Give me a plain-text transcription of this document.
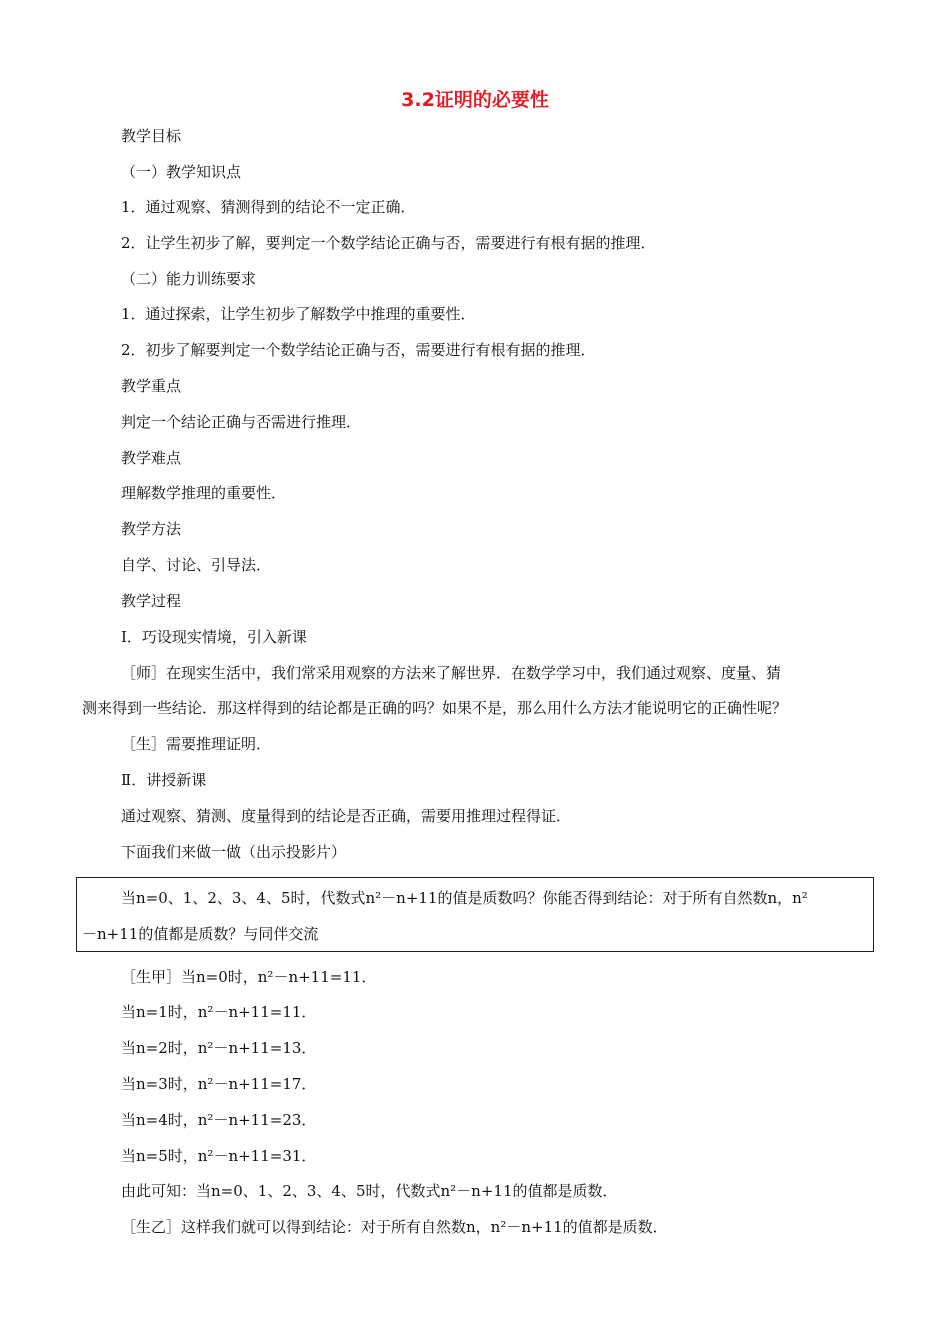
3.2证明的必要性
教学目标
（一）教学知识点
1．通过观察、猜测得到的结论不一定正确．
2．让学生初步了解，要判定一个数学结论正确与否，需要进行有根有据的推理．
（二）能力训练要求
1．通过探索，让学生初步了解数学中推理的重要性．
2．初步了解要判定一个数学结论正确与否，需要进行有根有据的推理．
教学重点
判定一个结论正确与否需进行推理．
教学难点
理解数学推理的重要性．
教学方法
自学、讨论、引导法．
教学过程
Ⅰ．巧设现实情境，引入新课
［师］在现实生活中，我们常采用观察的方法来了解世界．在数学学习中，我们通过观察、度量、猜
测来得到一些结论．那这样得到的结论都是正确的吗？如果不是，那么用什么方法才能说明它的正确性呢？
［生］需要推理证明．
Ⅱ．讲授新课
通过观察、猜测、度量得到的结论是否正确，需要用推理过程得证．
下面我们来做一做（出示投影片）
当n=0、1、2、3、4、5时，代数式n²－n+11的值是质数吗？你能否得到结论：对于所有自然数n，n²
－n+11的值都是质数？与同伴交流
［生甲］当n=0时，n²－n+11=11．
当n=1时，n²－n+11=11．
当n=2时，n²－n+11=13．
当n=3时，n²－n+11=17．
当n=4时，n²－n+11=23．
当n=5时，n²－n+11=31．
由此可知：当n=0、1、2、3、4、5时，代数式n²－n+11的值都是质数．
［生乙］这样我们就可以得到结论：对于所有自然数n，n²－n+11的值都是质数．
